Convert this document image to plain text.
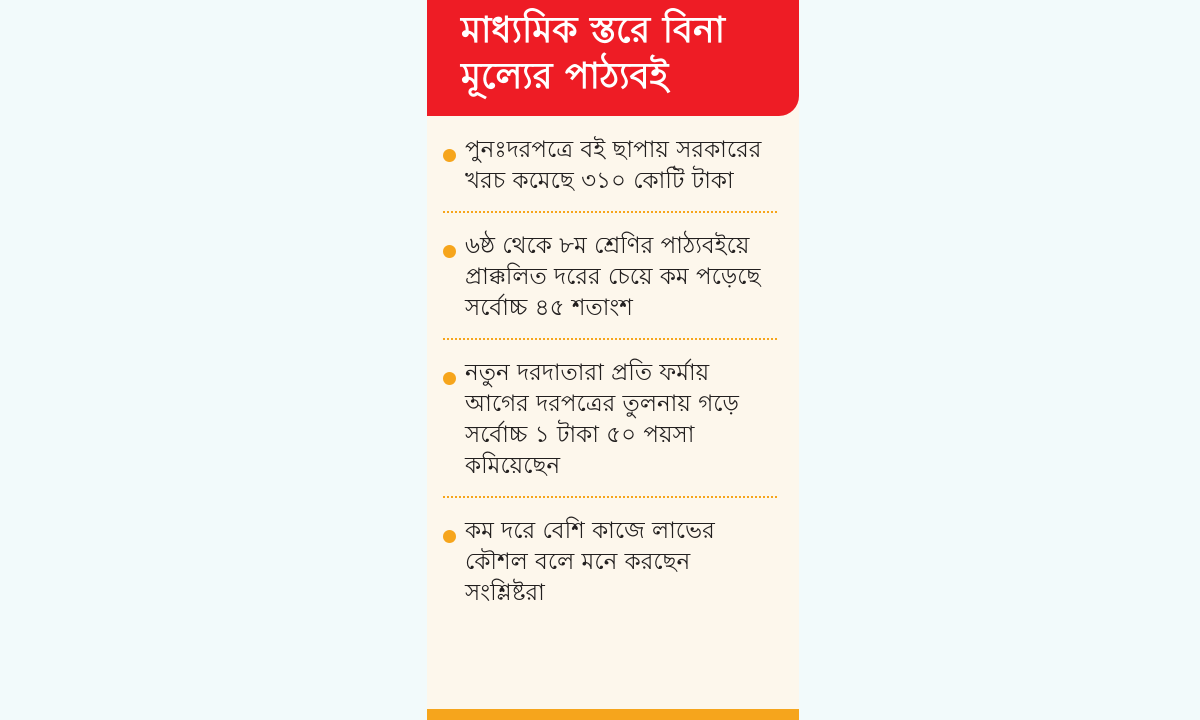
মাধ্যমিক স্তরে বিনা
মূল্যের পাঠ্যবই
পুনঃদরপত্রে বই ছাপায় সরকারের খরচ কমেছে ৩১০ কোটি টাকা
৬ষ্ঠ থেকে ৮ম শ্রেণির পাঠ্যবইয়ে প্রাক্কলিত দরের চেয়ে কম পড়েছে সর্বোচ্চ ৪৫ শতাংশ
নতুন দরদাতারা প্রতি ফর্মায় আগের দরপত্রের তুলনায় গড়ে সর্বোচ্চ ১ টাকা ৫০ পয়সা কমিয়েছেন
কম দরে বেশি কাজে লাভের কৌশল বলে মনে করছেন সংশ্লিষ্টরা
